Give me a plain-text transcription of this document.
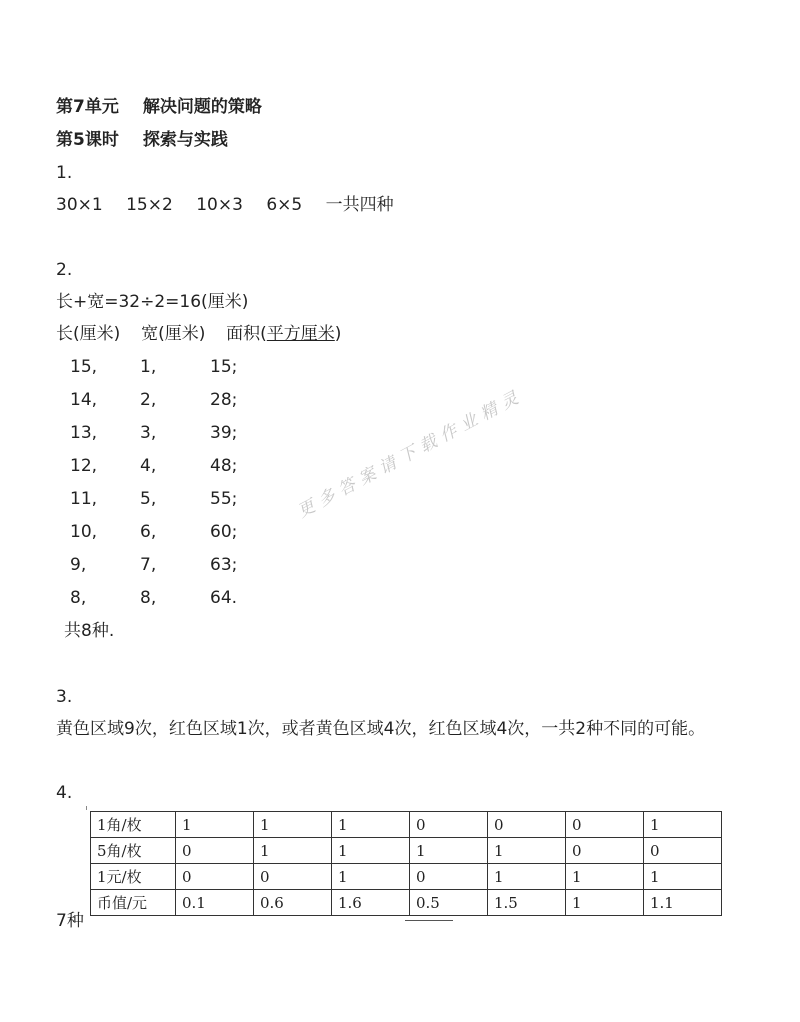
第7单元 解决问题的策略
第5课时 探索与实践
1.
30×1 15×2 10×3 6×5 一共四种
2.
长+宽=32÷2=16(厘米)
长(厘米) 宽(厘米) 面积(平方厘米)
15,	1,	15;
14,	2,	28;
13,	3,	39;
12,	4,	48;
11,	5,	55;
10,	6,	60;
9,	7,	63;
8,	8,	64.
共8种.
更多答案请下载作业精灵
3.
黄色区域9次，红色区域1次，或者黄色区域4次，红色区域4次，一共2种不同的可能。
4.
1角/枚	1	1	1	0	0	0	1
5角/枚	0	1	1	1	1	0	0
1元/枚	0	0	1	0	1	1	1
币值/元	0.1	0.6	1.6	0.5	1.5	1	1.1
7种
